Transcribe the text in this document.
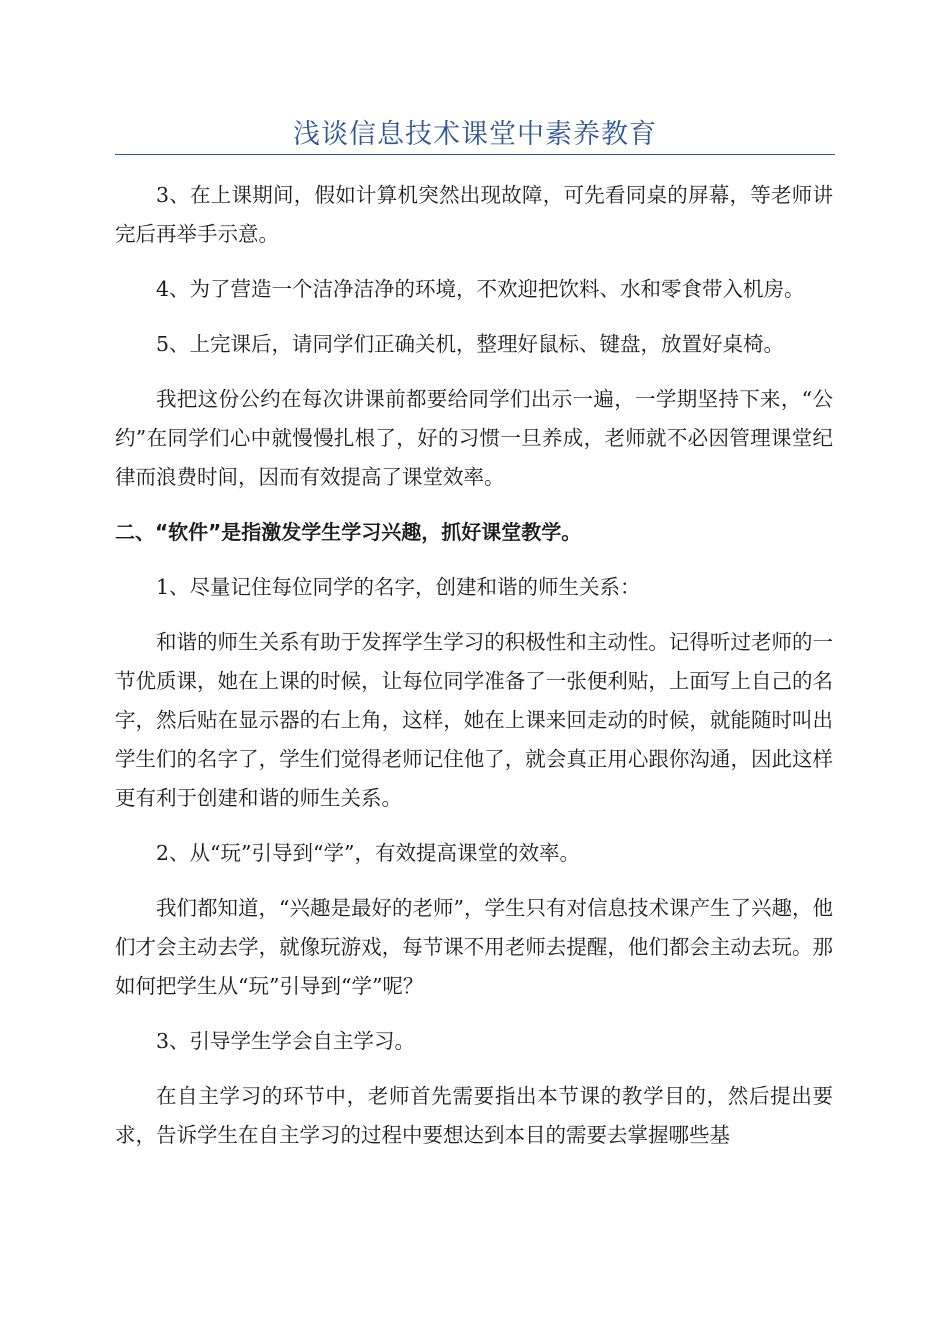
浅谈信息技术课堂中素养教育

3、在上课期间，假如计算机突然出现故障，可先看同桌的屏幕，等老师讲完后再举手示意。

4、为了营造一个洁净洁净的环境，不欢迎把饮料、水和零食带入机房。

5、上完课后，请同学们正确关机，整理好鼠标、键盘，放置好桌椅。

我把这份公约在每次讲课前都要给同学们出示一遍，一学期坚持下来，“公约”在同学们心中就慢慢扎根了，好的习惯一旦养成，老师就不必因管理课堂纪律而浪费时间，因而有效提高了课堂效率。

二、“软件”是指激发学生学习兴趣，抓好课堂教学。

1、尽量记住每位同学的名字，创建和谐的师生关系：

和谐的师生关系有助于发挥学生学习的积极性和主动性。记得听过老师的一节优质课，她在上课的时候，让每位同学准备了一张便利贴，上面写上自己的名字，然后贴在显示器的右上角，这样，她在上课来回走动的时候，就能随时叫出学生们的名字了，学生们觉得老师记住他了，就会真正用心跟你沟通，因此这样更有利于创建和谐的师生关系。

2、从“玩”引导到“学”，有效提高课堂的效率。

我们都知道，“兴趣是最好的老师”，学生只有对信息技术课产生了兴趣，他们才会主动去学，就像玩游戏，每节课不用老师去提醒，他们都会主动去玩。那如何把学生从“玩”引导到“学”呢？

3、引导学生学会自主学习。

在自主学习的环节中，老师首先需要指出本节课的教学目的，然后提出要求，告诉学生在自主学习的过程中要想达到本目的需要去掌握哪些基
